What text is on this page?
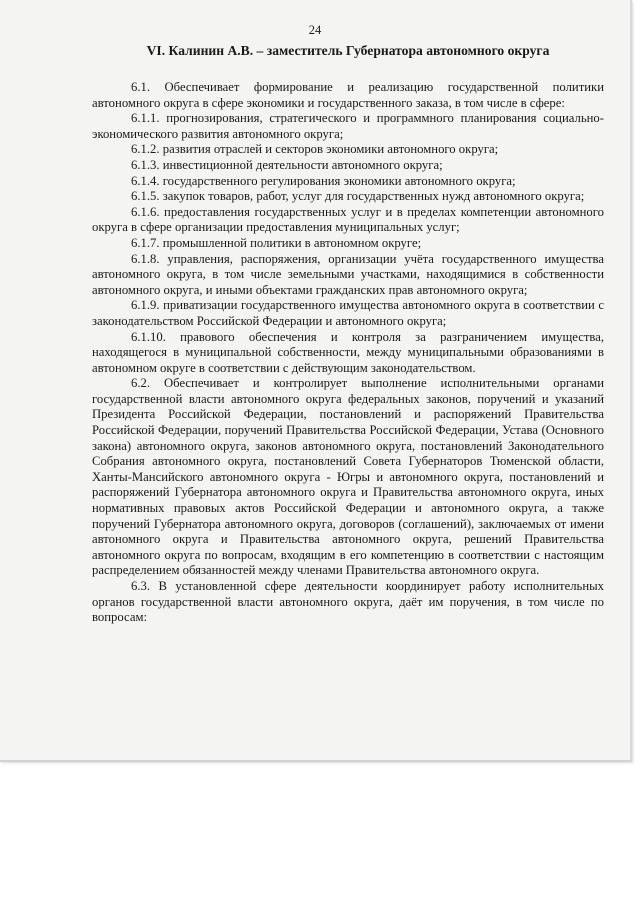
24
VI. Калинин А.В. – заместитель Губернатора автономного округа

6.1. Обеспечивает формирование и реализацию государственной политики автономного округа в сфере экономики и государственного заказа, в том числе в сфере:

6.1.1. прогнозирования, стратегического и программного планирования социально-экономического развития автономного округа;

6.1.2. развития отраслей и секторов экономики автономного округа;

6.1.3. инвестиционной деятельности автономного округа;

6.1.4. государственного регулирования экономики автономного округа;

6.1.5. закупок товаров, работ, услуг для государственных нужд автономного округа;

6.1.6. предоставления государственных услуг и в пределах компетенции автономного округа в сфере организации предоставления муниципальных услуг;

6.1.7. промышленной политики в автономном округе;

6.1.8. управления, распоряжения, организации учёта государственного имущества автономного округа, в том числе земельными участками, находящимися в собственности автономного округа, и иными объектами гражданских прав автономного округа;

6.1.9. приватизации государственного имущества автономного округа в соответствии с законодательством Российской Федерации и автономного округа;

6.1.10. правового обеспечения и контроля за разграничением имущества, находящегося в муниципальной собственности, между муниципальными образованиями в автономном округе в соответствии с действующим законодательством.

6.2. Обеспечивает и контролирует выполнение исполнительными органами государственной власти автономного округа федеральных законов, поручений и указаний Президента Российской Федерации, постановлений и распоряжений Правительства Российской Федерации, поручений Правительства Российской Федерации, Устава (Основного закона) автономного округа, законов автономного округа, постановлений Законодательного Собрания автономного округа, постановлений Совета Губернаторов Тюменской области, Ханты-Мансийского автономного округа - Югры и автономного округа, постановлений и распоряжений Губернатора автономного округа и Правительства автономного округа, иных нормативных правовых актов Российской Федерации и автономного округа, а также поручений Губернатора автономного округа, договоров (соглашений), заключаемых от имени автономного округа и Правительства автономного округа, решений Правительства автономного округа по вопросам, входящим в его компетенцию в соответствии с настоящим распределением обязанностей между членами Правительства автономного округа.

6.3. В установленной сфере деятельности координирует работу исполнительных органов государственной власти автономного округа, даёт им поручения, в том числе по вопросам:
